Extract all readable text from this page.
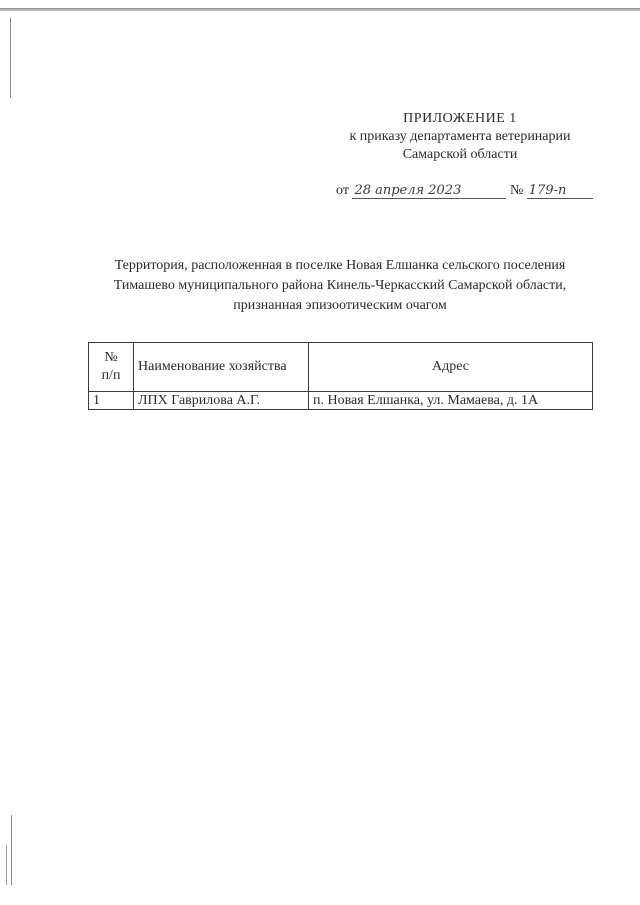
ПРИЛОЖЕНИЕ 1
к приказу департамента ветеринарии
Самарской области
от 28 апреля 2023	№ 179-п
Территория, расположенная в поселке Новая Елшанка сельского поселения
Тимашево муниципального района Кинель-Черкасский Самарской области,
признанная эпизоотическим очагом
№
п/п	Наименование хозяйства	Адрес
1	ЛПХ Гаврилова А.Г.	п. Новая Елшанка, ул. Мамаева, д. 1А
